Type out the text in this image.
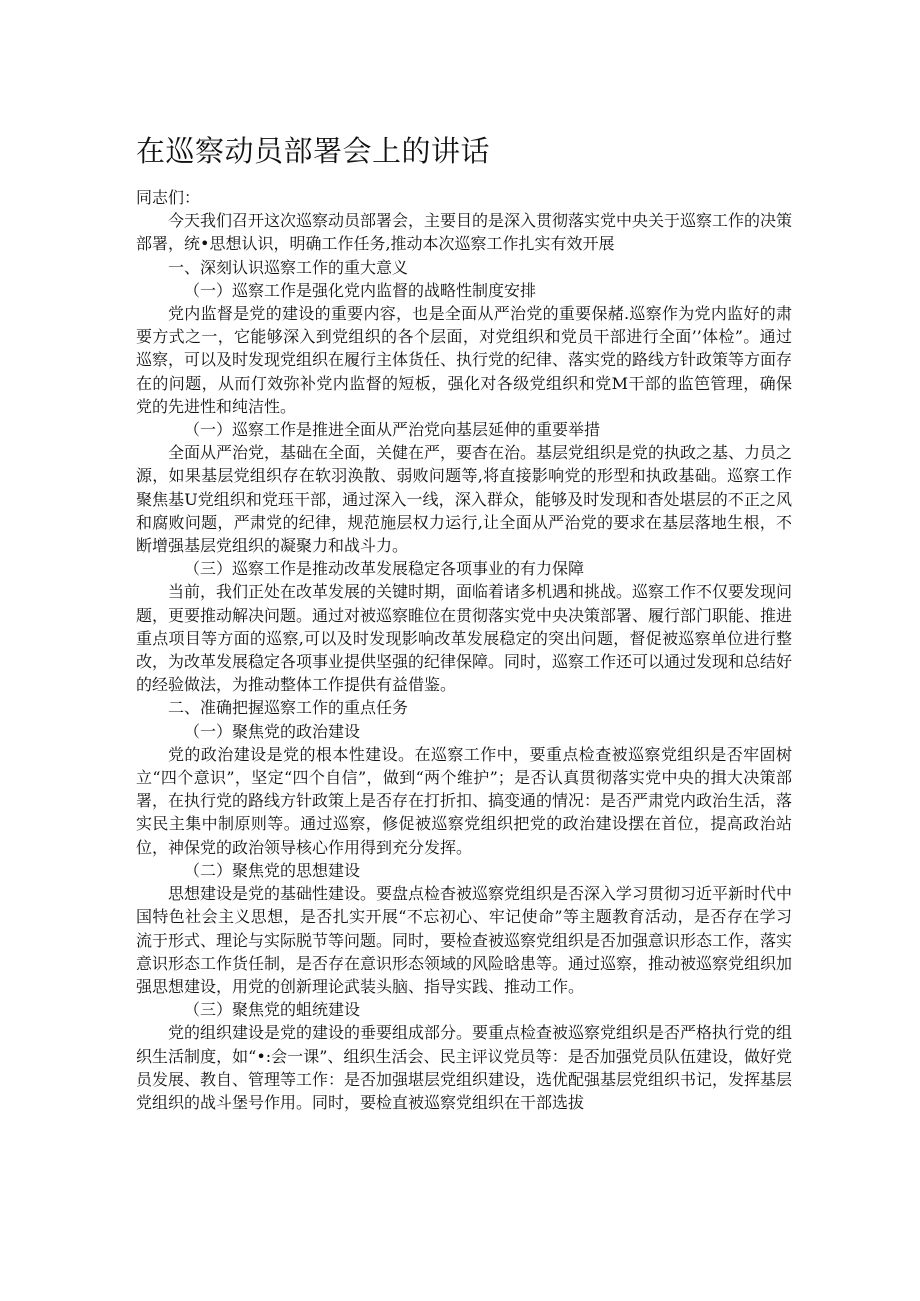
在巡察动员部署会上的讲话

同志们：

今天我们召开这次巡察动员部署会，主要目的是深入贯彻落实党中央关于巡察工作的决策部署，统•思想认识，明确工作任务,推动本次巡察工作扎实有效开展

一、深刻认识巡察工作的重大意义

（一）巡察工作是强化党内监督的战略性制度安排

党内监督是党的建设的重要内容，也是全面从严治党的重要保赭.巡察作为党内监好的肃要方式之一，它能够深入到党组织的各个层面，对党组织和党员干部进行全面’’体检”。通过巡察，可以及时发现党组织在履行主体货任、执行党的纪律、落实党的路线方针政策等方面存在的问题，从而仃效弥补党内监督的短板，强化对各级党组织和党M干部的监笆管理，确保党的先进性和纯洁性。

（一）巡察工作是推进全面从严治党向基层延伸的重要举措

全面从严治党，基础在全面，关健在严，要杳在治。基层党组织是党的执政之基、力员之源，如果基层党组织存在软羽涣散、弱败问题等,将直接影响党的形型和执政基础。巡察工作聚焦基U党组织和党珏干部，通过深入一线，深入群众，能够及时发现和杳处堪层的不正之风和腐败问题，严肃党的纪律，规范施层权力运行,让全面从严治党的要求在基层落地生根，不断增强基层党组织的凝聚力和战斗力。

（三）巡察工作是推动改革发展稳定各项事业的有力保障

当前，我们正处在改革发展的关键时期，面临着诸多机遇和挑战。巡察工作不仅要发现问题，更要推动解决问题。通过对被巡察睢位在贯彻落实党中央决策部署、履行部门职能、推进重点项目等方面的巡察,可以及时发现影响改革发展稳定的突出问题，督促被巡察单位进行整改，为改革发展稳定各项事业提供坚强的纪律保障。同时，巡察工作还可以通过发现和总结好的经验做法，为推动整体工作提供有益借鉴。

二、准确把握巡察工作的重点任务

（一）聚焦党的政治建设

党的政治建设是党的根本性建设。在巡察工作中，要重点检查被巡察党组织是否牢固树立“四个意识”，坚定“四个自信”，做到“两个维护”；是否认真贯彻落实党中央的揖大决策部署，在执行党的路线方针政策上是否存在打折扣、搞变通的情况：是否严肃党内政治生活，落实民主集中制原则等。通过巡察，修促被巡察党组织把党的政治建设摆在首位，提高政治站位，神保党的政治领导核心作用得到充分发挥。

（二）聚焦党的思想建设

思想建设是党的基础性建设。要盘点检杳被巡察党组织是否深入学习贯彻习近平新时代中国特色社会主义思想，是否扎实开展“不忘初心、牢记使命”等主题教育活动，是否存在学习流于形式、理论与实际脱节等问题。同时，要检查被巡察党组织是否加强意识形态工作，落实意识形态工作货任制，是否存在意识形态领域的风险晗患等。通过巡察，推动被巡察党组织加强思想建设，用党的创新理论武装头脑、指导实践、推动工作。

（三）聚焦党的蛆统建设

党的组织建设是党的建设的垂要组成部分。要重点检查被巡察党组织是否严格执行党的组织生活制度，如“•:会一课”、组织生活会、民主评议党员等：是否加强党员队伍建设，做好党员发展、教自、管理等工作：是否加强堪层党组织建设，选优配强基层党组织书记，发挥基层党组织的战斗堡号作用。同时，要检直被巡察党组织在干部选拔
